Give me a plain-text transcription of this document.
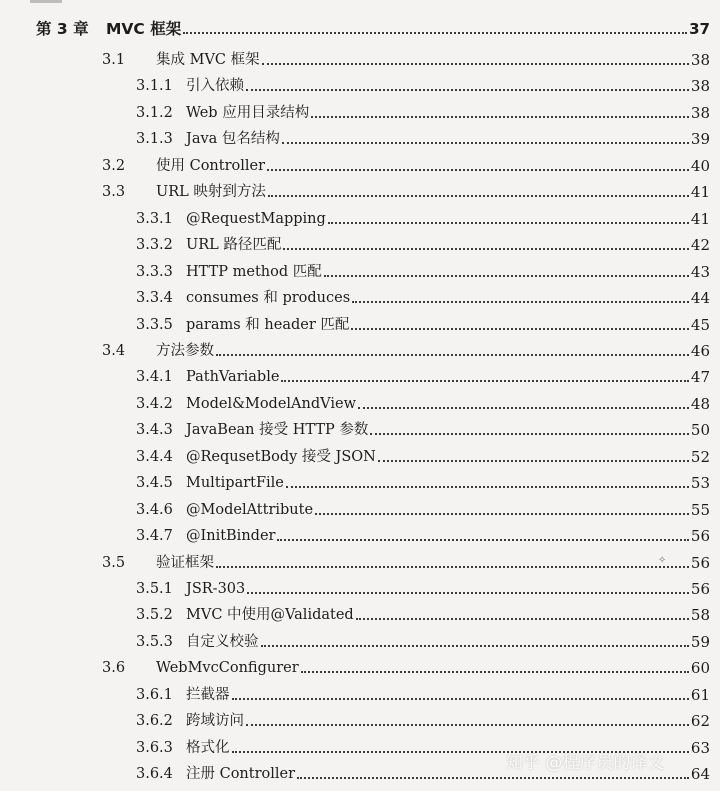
第 3 章	MVC 框架	37
3.1	集成 MVC 框架	38
3.1.1 引入依赖	38
3.1.2 Web 应用目录结构	38
3.1.3 Java 包名结构	39
3.2	使用 Controller	40
3.3	URL 映射到方法	41
3.3.1 @RequestMapping	41
3.3.2 URL 路径匹配	42
3.3.3 HTTP method 匹配	43
3.3.4 consumes 和 produces	44
3.3.5 params 和 header 匹配	45
3.4	方法参数	46
3.4.1 PathVariable	47
3.4.2 Model&ModelAndView	48
3.4.3 JavaBean 接受 HTTP 参数	50
3.4.4 @RequsetBody 接受 JSON	52
3.4.5 MultipartFile	53
3.4.6 @ModelAttribute	55
3.4.7 @InitBinder	56
3.5	验证框架	56
3.5.1 JSR-303	56
3.5.2 MVC 中使用@Validated	58
3.5.3 自定义校验	59
3.6	WebMvcConfigurer	60
3.6.1 拦截器	61
3.6.2 跨域访问	62
3.6.3 格式化	63
3.6.4 注册 Controller	64
✧
知乎 @程序员的译文
